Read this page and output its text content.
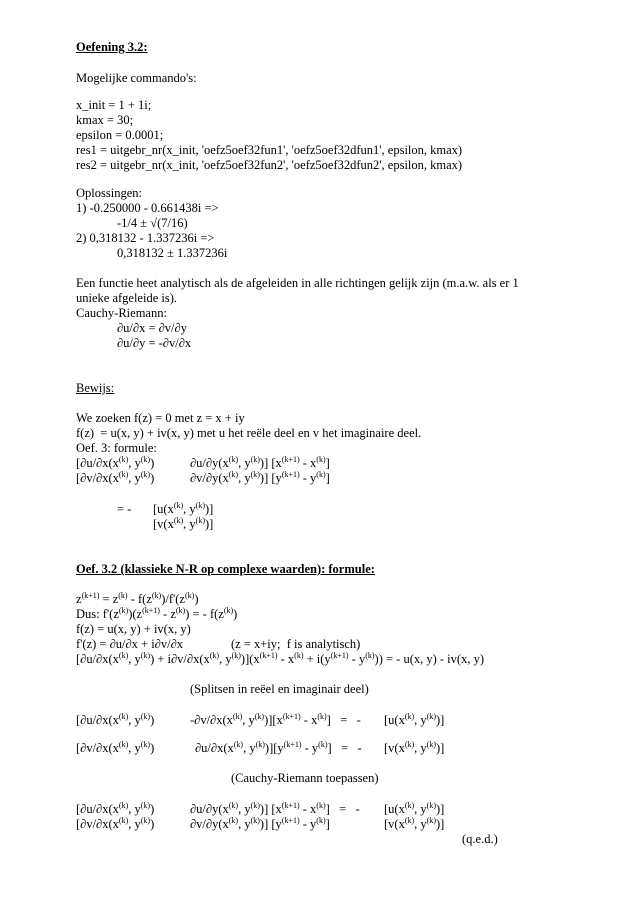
Oefening 3.2:
Mogelijke commando's:
x_init = 1 + 1i;
kmax = 30;
epsilon = 0.0001;
res1 = uitgebr_nr(x_init, 'oefz5oef32fun1', 'oefz5oef32dfun1', epsilon, kmax)
res2 = uitgebr_nr(x_init, 'oefz5oef32fun2', 'oefz5oef32dfun2', epsilon, kmax)
Oplossingen:
1) -0.250000 - 0.661438i =>
-1/4 ± √(7/16)
2) 0,318132 - 1.337236i =>
0,318132 ± 1.337236i
Een functie heet analytisch als de afgeleiden in alle richtingen gelijk zijn (m.a.w. als er 1
unieke afgeleide is).
Cauchy-Riemann:
∂u/∂x = ∂v/∂y
∂u/∂y = -∂v/∂x
Bewijs:
We zoeken f(z) = 0 met z = x + iy
f(z)  = u(x, y) + iv(x, y) met u het reële deel en v het imaginaire deel.
Oef. 3: formule:
[$\partial u/\partial x(x^{(k)}$, $y^{(k)}$)	$\partial u/\partial y(x^{(k)}$, $y^{(k)}$)] $[x^{(k+1)} - x^{(k)}]$
[$\partial v/\partial x(x^{(k)}$, $y^{(k)}$)	$\partial v/\partial y(x^{(k)}$, $y^{(k)}$)] $[y^{(k+1)} - y^{(k)}]$
= - [$u(x^{(k)}$, $y^{(k)}$)]
[$v(x^{(k)}$, $y^{(k)}$)]
Oef. 3.2 (klassieke N-R op complexe waarden): formule:
$z^{(k+1)} = z^{(k)} - f(z^{(k)})/f'(z^{(k)})$
Dus: $f'(z^{(k)})(z^{(k+1)} - z^{(k)})$ = - $f(z^{(k)})$
f(z) = u(x, y) + iv(x, y)
f'(z) = ∂u/∂x + i∂v/∂x	(z = x+iy;  f is analytisch)
[$\partial u/\partial x(x^{(k)}$, $y^{(k)}) + i\partial v/\partial x(x^{(k)}$, $y^{(k)})](x^{(k+1)} - x^{(k)} + i(y^{(k+1)} - y^{(k)}))$ = - u(x, y) - iv(x, y)
(Splitsen in reëel en imaginair deel)
[$\partial u/\partial x(x^{(k)}$, $y^{(k)}$)	$-\partial v/\partial x(x^{(k)}$, $y^{(k)})][x^{(k+1)} - x^{(k)}]$   =   - [$u(x^{(k)}$, $y^{(k)}$)]
[$\partial v/\partial x(x^{(k)}$, $y^{(k)}$)	$\partial u/\partial x(x^{(k)}$, $y^{(k)})][y^{(k+1)} - y^{(k)}]$   =   - [$v(x^{(k)}$, $y^{(k)}$)]
(Cauchy-Riemann toepassen)
[$\partial u/\partial x(x^{(k)}$, $y^{(k)}$)	$\partial u/\partial y(x^{(k)}$, $y^{(k)}$)] $[x^{(k+1)} - x^{(k)}]$   =   - [$u(x^{(k)}$, $y^{(k)}$)]
[$\partial v/\partial x(x^{(k)}$, $y^{(k)}$)	$\partial v/\partial y(x^{(k)}$, $y^{(k)}$)] $[y^{(k+1)} - y^{(k)}]$	[$v(x^{(k)}$, $y^{(k)}$)]
(q.e.d.)
